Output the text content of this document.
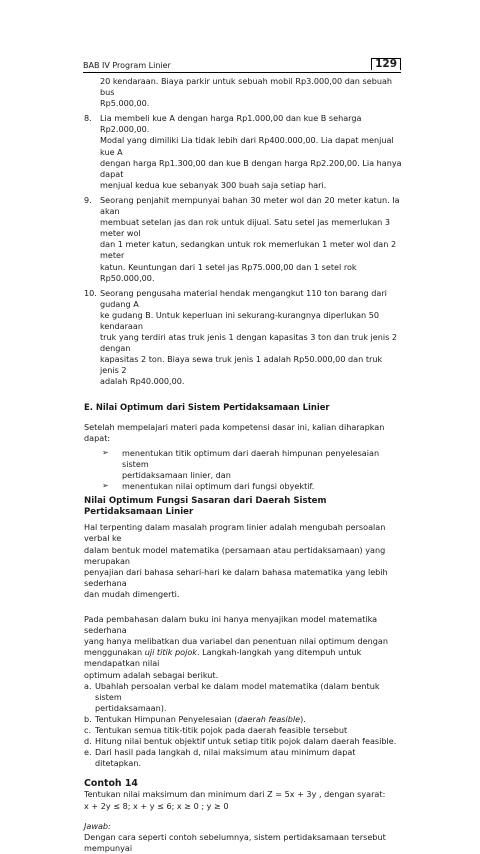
BAB IV Program Linier	129

20 kendaraan. Biaya parkir untuk sebuah mobil Rp3.000,00 dan sebuah bus

Rp5.000,00.

8. Lia membeli kue A dengan harga Rp1.000,00 dan kue B seharga Rp2.000,00.

Modal yang dimiliki Lia tidak lebih dari Rp400.000,00. Lia dapat menjual kue A

dengan harga Rp1.300,00 dan kue B dengan harga Rp2.200,00. Lia hanya dapat

menjual kedua kue sebanyak 300 buah saja setiap hari.

9. Seorang penjahit mempunyai bahan 30 meter wol dan 20 meter katun. Ia akan

membuat setelan jas dan rok untuk dijual. Satu setel jas memerlukan 3 meter wol

dan 1 meter katun, sedangkan untuk rok memerlukan 1 meter wol dan 2 meter

katun. Keuntungan dari 1 setel jas Rp75.000,00 dan 1 setel rok Rp50.000,00.

10. Seorang pengusaha material hendak mengangkut 110 ton barang dari gudang A

ke gudang B. Untuk keperluan ini sekurang-kurangnya diperlukan 50 kendaraan

truk yang terdiri atas truk jenis 1 dengan kapasitas 3 ton dan truk jenis 2 dengan

kapasitas 2 ton. Biaya sewa truk jenis 1 adalah Rp50.000,00 dan truk jenis 2

adalah Rp40.000,00.

E. Nilai Optimum dari Sistem Pertidaksamaan Linier

Setelah mempelajari materi pada kompetensi dasar ini, kalian diharapkan dapat:

➢ menentukan titik optimum dari daerah himpunan penyelesaian sistem

pertidaksamaan linier, dan

➢ menentukan nilai optimum dari fungsi obyektif.

Nilai Optimum Fungsi Sasaran dari Daerah Sistem Pertidaksamaan Linier

Hal terpenting dalam masalah program linier adalah mengubah persoalan verbal ke

dalam bentuk model matematika (persamaan atau pertidaksamaan) yang merupakan

penyajian dari bahasa sehari-hari ke dalam bahasa matematika yang lebih sederhana

dan mudah dimengerti.

Pada pembahasan dalam buku ini hanya menyajikan model matematika sederhana

yang hanya melibatkan dua variabel dan penentuan nilai optimum dengan

menggunakan uji titik pojok. Langkah-langkah yang ditempuh untuk mendapatkan nilai

optimum adalah sebagai berikut.

a. Ubahlah persoalan verbal ke dalam model matematika (dalam bentuk sistem

pertidaksamaan).

b. Tentukan Himpunan Penyelesaian (daerah feasible).

c. Tentukan semua titik-titik pojok pada daerah feasible tersebut

d. Hitung nilai bentuk objektif untuk setiap titik pojok dalam daerah feasible.

e. Dari hasil pada langkah d, nilai maksimum atau minimum dapat ditetapkan.

Contoh 14

Tentukan nilai maksimum dan minimum dari Z = 5x + 3y , dengan syarat:

x + 2y ≤ 8; x + y ≤ 6; x ≥ 0 ; y ≥ 0

Jawab:

Dengan cara seperti contoh sebelumnya, sistem pertidaksamaan tersebut mempunyai
